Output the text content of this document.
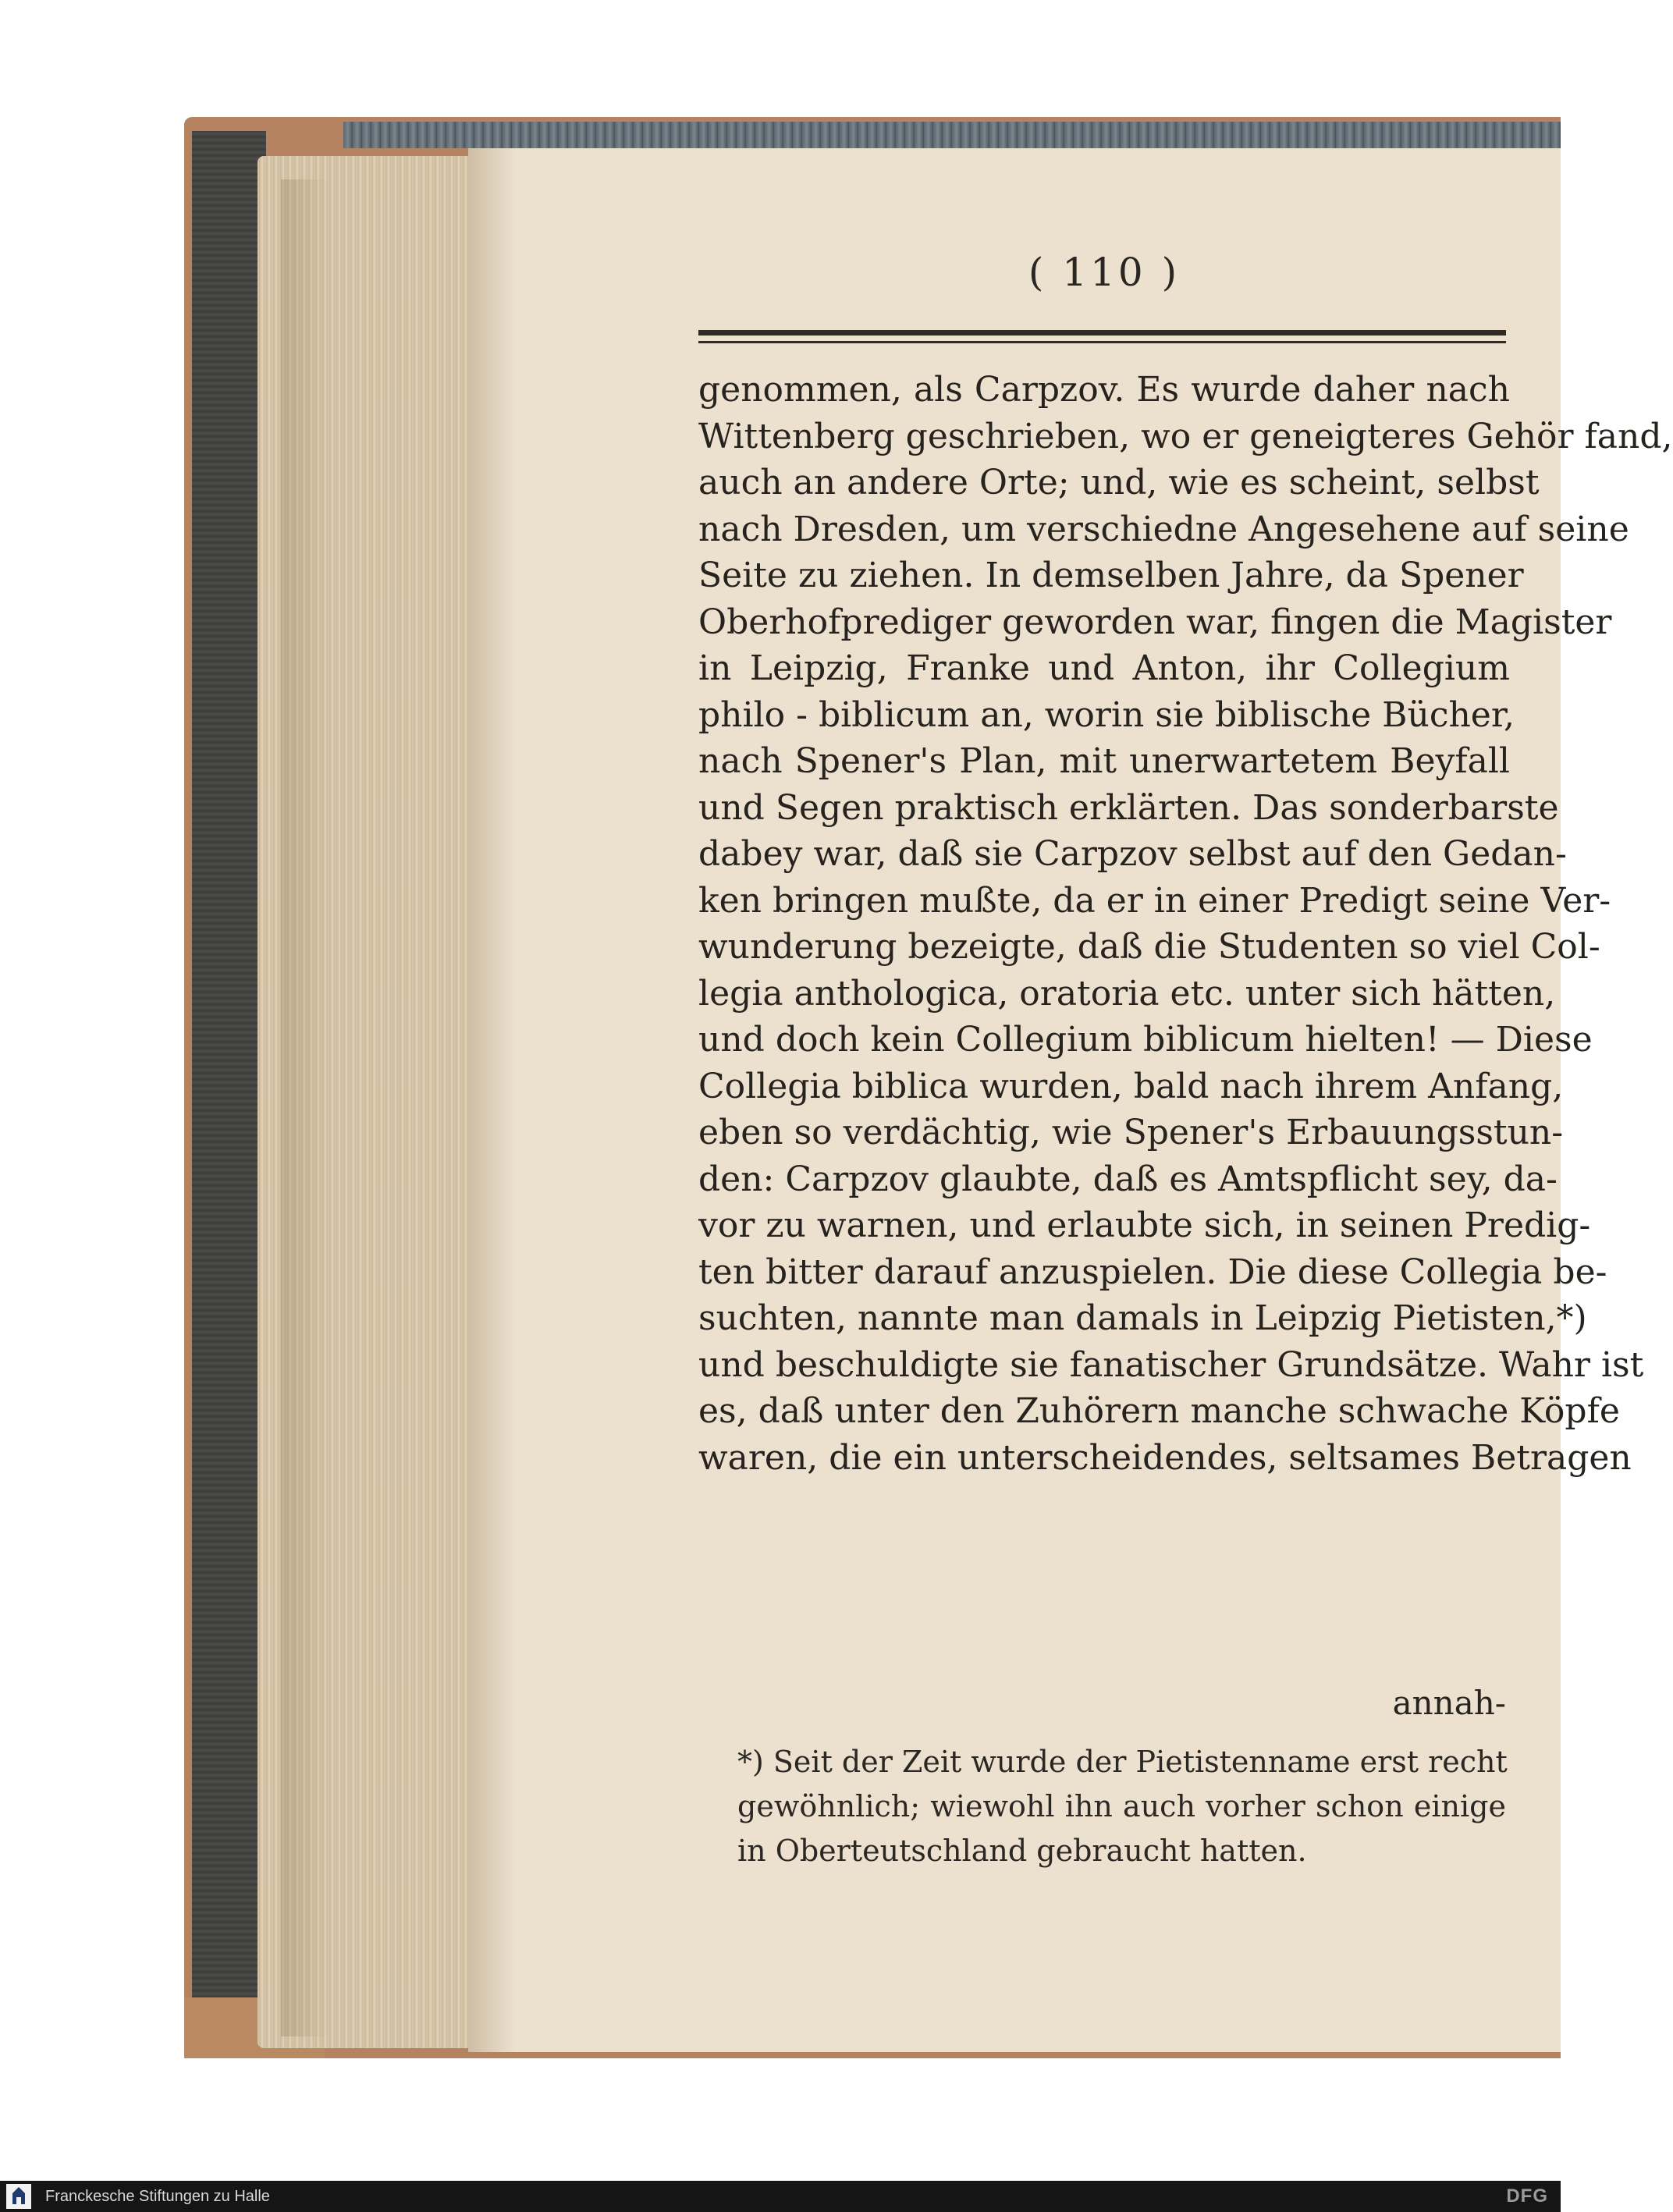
( 110 )

genommen, als Carpzov. Es wurde daher nach
Wittenberg geschrieben, wo er geneigteres Gehör fand,
auch an andere Orte; und, wie es scheint, selbst
nach Dresden, um verschiedne Angesehene auf seine
Seite zu ziehen. In demselben Jahre, da Spener
Oberhofprediger geworden war, fingen die Magister
in Leipzig, Franke und Anton, ihr Collegium
philo - biblicum an, worin sie biblische Bücher,
nach Spener's Plan, mit unerwartetem Beyfall
und Segen praktisch erklärten. Das sonderbarste
dabey war, daß sie Carpzov selbst auf den Gedan-
ken bringen mußte, da er in einer Predigt seine Ver-
wunderung bezeigte, daß die Studenten so viel Col-
legia anthologica, oratoria etc. unter sich hätten,
und doch kein Collegium biblicum hielten! — Diese
Collegia biblica wurden, bald nach ihrem Anfang,
eben so verdächtig, wie Spener's Erbauungsstun-
den: Carpzov glaubte, daß es Amtspflicht sey, da-
vor zu warnen, und erlaubte sich, in seinen Predig-
ten bitter darauf anzuspielen. Die diese Collegia be-
suchten, nannte man damals in Leipzig Pietisten,*)
und beschuldigte sie fanatischer Grundsätze. Wahr ist
es, daß unter den Zuhörern manche schwache Köpfe
waren, die ein unterscheidendes, seltsames Betragen

annah-

*) Seit der Zeit wurde der Pietistenname erst recht
gewöhnlich; wiewohl ihn auch vorher schon einige
in Oberteutschland gebraucht hatten.

Franckesche Stiftungen zu Halle	DFG
